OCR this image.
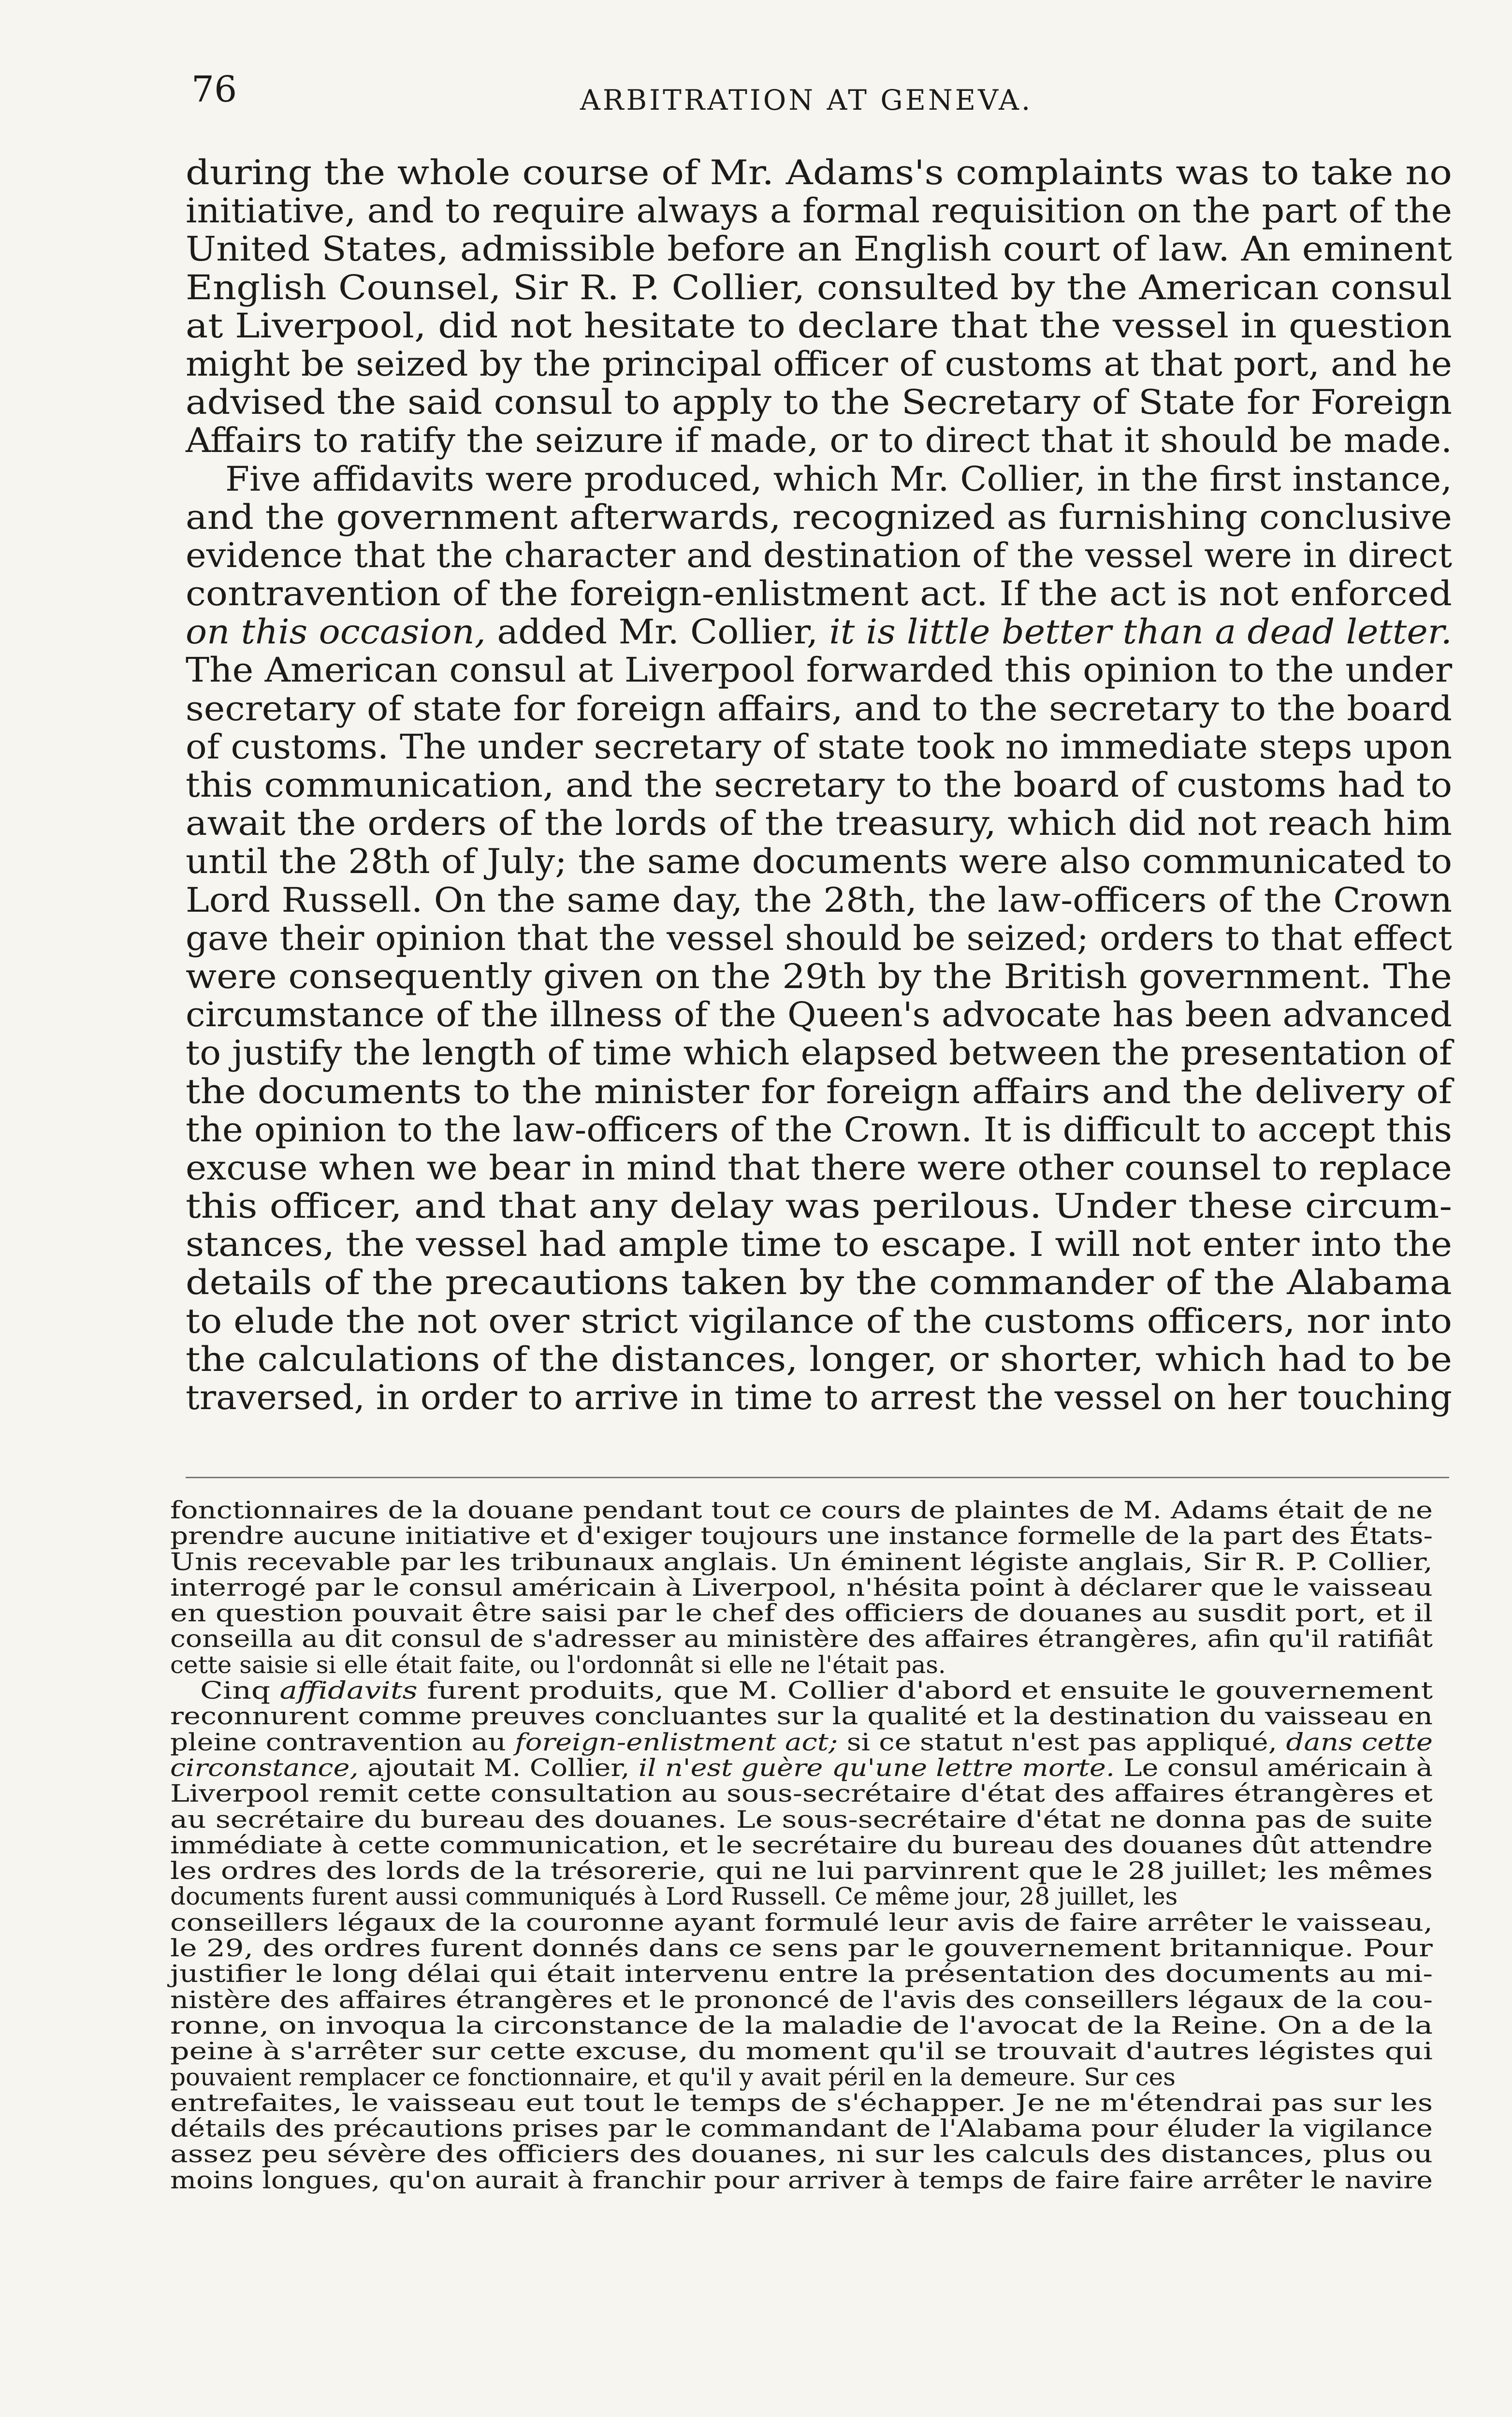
76	ARBITRATION AT GENEVA.
during the whole course of Mr. Adams's complaints was to take no
initiative, and to require always a formal requisition on the part of the
United States, admissible before an English court of law. An eminent
English Counsel, Sir R. P. Collier, consulted by the American consul
at Liverpool, did not hesitate to declare that the vessel in question
might be seized by the principal officer of customs at that port, and he
advised the said consul to apply to the Secretary of State for Foreign
Affairs to ratify the seizure if made, or to direct that it should be made.
Five affidavits were produced, which Mr. Collier, in the first instance,
and the government afterwards, recognized as furnishing conclusive
evidence that the character and destination of the vessel were in direct
contravention of the foreign-enlistment act. If the act is not enforced
on this occasion, added Mr. Collier, it is little better than a dead letter.
The American consul at Liverpool forwarded this opinion to the under
secretary of state for foreign affairs, and to the secretary to the board
of customs. The under secretary of state took no immediate steps upon
this communication, and the secretary to the board of customs had to
await the orders of the lords of the treasury, which did not reach him
until the 28th of July; the same documents were also communicated to
Lord Russell. On the same day, the 28th, the law-officers of the Crown
gave their opinion that the vessel should be seized; orders to that effect
were consequently given on the 29th by the British government. The
circumstance of the illness of the Queen's advocate has been advanced
to justify the length of time which elapsed between the presentation of
the documents to the minister for foreign affairs and the delivery of
the opinion to the law-officers of the Crown. It is difficult to accept this
excuse when we bear in mind that there were other counsel to replace
this officer, and that any delay was perilous. Under these circum-
stances, the vessel had ample time to escape. I will not enter into the
details of the precautions taken by the commander of the Alabama
to elude the not over strict vigilance of the customs officers, nor into
the calculations of the distances, longer, or shorter, which had to be
traversed, in order to arrive in time to arrest the vessel on her touching
fonctionnaires de la douane pendant tout ce cours de plaintes de M. Adams était de ne
prendre aucune initiative et d'exiger toujours une instance formelle de la part des États-
Unis recevable par les tribunaux anglais. Un éminent légiste anglais, Sir R. P. Collier,
interrogé par le consul américain à Liverpool, n'hésita point à déclarer que le vaisseau
en question pouvait être saisi par le chef des officiers de douanes au susdit port, et il
conseilla au dit consul de s'adresser au ministère des affaires étrangères, afin qu'il ratifiât
cette saisie si elle était faite, ou l'ordonnât si elle ne l'était pas.
Cinq affidavits furent produits, que M. Collier d'abord et ensuite le gouvernement
reconnurent comme preuves concluantes sur la qualité et la destination du vaisseau en
pleine contravention au foreign-enlistment act; si ce statut n'est pas appliqué, dans cette
circonstance, ajoutait M. Collier, il n'est guère qu'une lettre morte. Le consul américain à
Liverpool remit cette consultation au sous-secrétaire d'état des affaires étrangères et
au secrétaire du bureau des douanes. Le sous-secrétaire d'état ne donna pas de suite
immédiate à cette communication, et le secrétaire du bureau des douanes dût attendre
les ordres des lords de la trésorerie, qui ne lui parvinrent que le 28 juillet; les mêmes
documents furent aussi communiqués à Lord Russell. Ce même jour, 28 juillet, les
conseillers légaux de la couronne ayant formulé leur avis de faire arrêter le vaisseau,
le 29, des ordres furent donnés dans ce sens par le gouvernement britannique. Pour
justifier le long délai qui était intervenu entre la présentation des documents au mi-
nistère des affaires étrangères et le prononcé de l'avis des conseillers légaux de la cou-
ronne, on invoqua la circonstance de la maladie de l'avocat de la Reine. On a de la
peine à s'arrêter sur cette excuse, du moment qu'il se trouvait d'autres légistes qui
pouvaient remplacer ce fonctionnaire, et qu'il y avait péril en la demeure. Sur ces
entrefaites, le vaisseau eut tout le temps de s'échapper. Je ne m'étendrai pas sur les
détails des précautions prises par le commandant de l'Alabama pour éluder la vigilance
assez peu sévère des officiers des douanes, ni sur les calculs des distances, plus ou
moins longues, qu'on aurait à franchir pour arriver à temps de faire faire arrêter le navire
